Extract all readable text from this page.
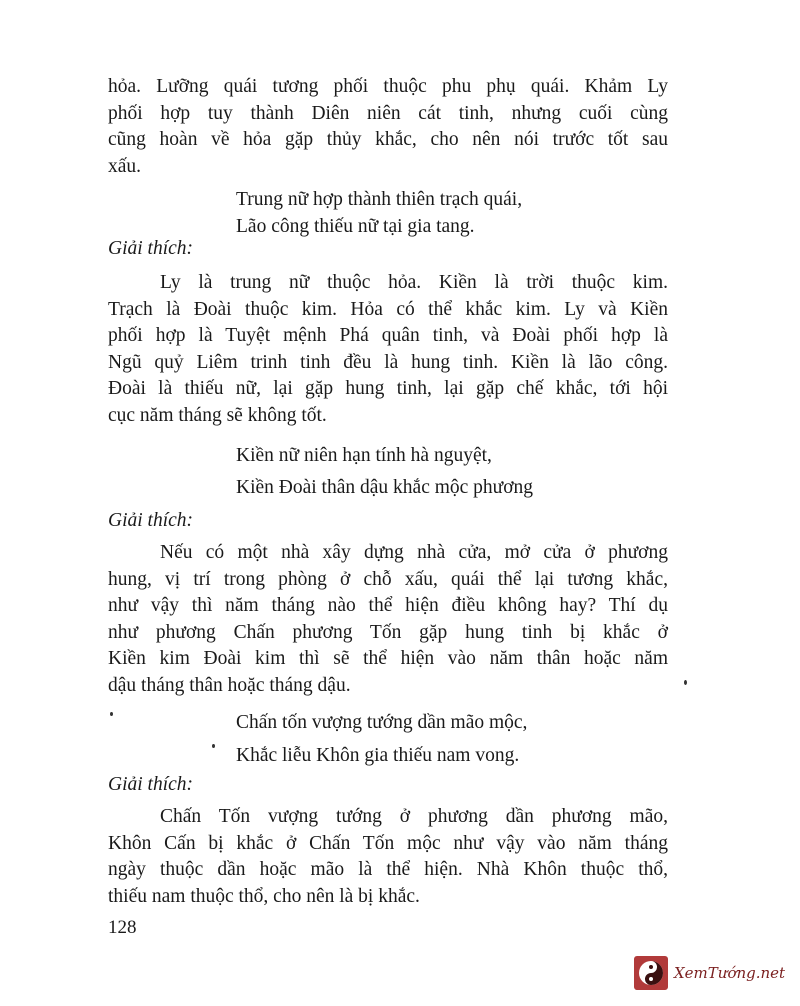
hỏa. Lưỡng quái tương phối thuộc phu phụ quái. Khảm Ly
phối hợp tuy thành Diên niên cát tinh, nhưng cuối cùng
cũng hoàn về hỏa gặp thủy khắc, cho nên nói trước tốt sau
xấu.
Trung nữ hợp thành thiên trạch quái,
Lão công thiếu nữ tại gia tang.
Giải thích:
Ly là trung nữ thuộc hỏa. Kiền là trời thuộc kim.
Trạch là Đoài thuộc kim. Hỏa có thể khắc kim. Ly và Kiền
phối hợp là Tuyệt mệnh Phá quân tinh, và Đoài phối hợp là
Ngũ quỷ Liêm trinh tinh đều là hung tinh. Kiền là lão công.
Đoài là thiếu nữ, lại gặp hung tinh, lại gặp chế khắc, tới hội
cục năm tháng sẽ không tốt.
Kiền nữ niên hạn tính hà nguyệt,
Kiền Đoài thân dậu khắc mộc phương
Giải thích:
Nếu có một nhà xây dựng nhà cửa, mở cửa ở phương
hung, vị trí trong phòng ở chỗ xấu, quái thể lại tương khắc,
như vậy thì năm tháng nào thể hiện điều không hay? Thí dụ
như phương Chấn phương Tốn gặp hung tinh bị khắc ở
Kiền kim Đoài kim thì sẽ thể hiện vào năm thân hoặc năm
dậu tháng thân hoặc tháng dậu.
Chấn tốn vượng tướng dần mão mộc,
Khắc liễu Khôn gia thiếu nam vong.
Giải thích:
Chấn Tốn vượng tướng ở phương dần phương mão,
Khôn Cấn bị khắc ở Chấn Tốn mộc như vậy vào năm tháng
ngày thuộc dần hoặc mão là thể hiện. Nhà Khôn thuộc thổ,
thiếu nam thuộc thổ, cho nên là bị khắc.
128
XemTướng.net
